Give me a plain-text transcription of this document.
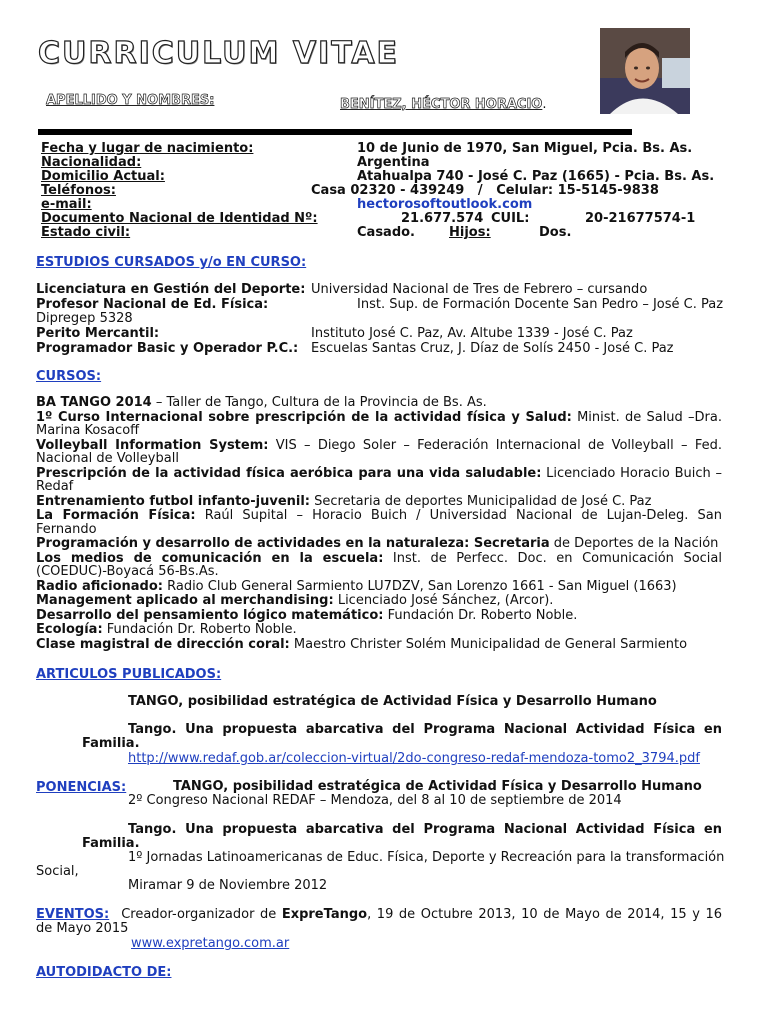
CURRICULUM VITAE
APELLIDO Y NOMBRES:	BENÍTEZ, HÉCTOR HORACIO.
Fecha y lugar de nacimiento:	10 de Junio de 1970, San Miguel, Pcia. Bs. As.
Nacionalidad:	Argentina
Domicilio Actual:	Atahualpa 740 - José C. Paz (1665) - Pcia. Bs. As.
Teléfonos:	Casa 02320 - 439249   /   Celular: 15-5145-9838
e-mail:	hectorosoftoutlook.com
Documento Nacional de Identidad Nº:	21.677.574 CUIL:	20-21677574-1
Estado civil:	Casado.	Hijos:	Dos.
ESTUDIOS CURSADOS y/o EN CURSO:
Licenciatura en Gestión del Deporte: Universidad Nacional de Tres de Febrero – cursando
Profesor Nacional de Ed. Física:	Inst. Sup. de Formación Docente San Pedro – José C. Paz
Dipregep 5328
Perito Mercantil:	Instituto José C. Paz, Av. Altube 1339 - José C. Paz
Programador Basic y Operador P.C.: Escuelas Santas Cruz, J. Díaz de Solís 2450 - José C. Paz
CURSOS:
BA TANGO 2014 – Taller de Tango, Cultura de la Provincia de Bs. As.
1º Curso Internacional sobre prescripción de la actividad física y Salud: Minist. de Salud –Dra. Marina Kosacoff
Volleyball Information System: VIS – Diego Soler – Federación Internacional de Volleyball – Fed. Nacional de Volleyball
Prescripción de la actividad física aeróbica para una vida saludable: Licenciado Horacio Buich – Redaf
Entrenamiento futbol infanto-juvenil: Secretaria de deportes Municipalidad de José C. Paz
La Formación Física: Raúl Supital – Horacio Buich / Universidad Nacional de Lujan-Deleg. San Fernando
Programación y desarrollo de actividades en la naturaleza: Secretaria de Deportes de la Nación
Los medios de comunicación en la escuela: Inst. de Perfecc. Doc. en Comunicación Social (COEDUC)-Boyacá 56-Bs.As.
Radio aficionado: Radio Club General Sarmiento LU7DZV, San Lorenzo 1661 - San Miguel (1663)
Management aplicado al merchandising: Licenciado José Sánchez, (Arcor).
Desarrollo del pensamiento lógico matemático: Fundación Dr. Roberto Noble.
Ecología: Fundación Dr. Roberto Noble.
Clase magistral de dirección coral: Maestro Christer Solém Municipalidad de General Sarmiento
ARTICULOS PUBLICADOS:
TANGO, posibilidad estratégica de Actividad Física y Desarrollo Humano
Tango. Una propuesta abarcativa del Programa Nacional Actividad Física en
Familia.
http://www.redaf.gob.ar/coleccion-virtual/2do-congreso-redaf-mendoza-tomo2_3794.pdf
PONENCIAS:	TANGO, posibilidad estratégica de Actividad Física y Desarrollo Humano
2º Congreso Nacional REDAF – Mendoza, del 8 al 10 de septiembre de 2014
Tango. Una propuesta abarcativa del Programa Nacional Actividad Física en
Familia.
1º Jornadas Latinoamericanas de Educ. Física, Deporte y Recreación para la transformación
Social,
Miramar 9 de Noviembre 2012
EVENTOS: Creador-organizador de ExpreTango, 19 de Octubre 2013, 10 de Mayo de 2014, 15 y 16 de Mayo 2015
www.expretango.com.ar
AUTODIDACTO DE:
